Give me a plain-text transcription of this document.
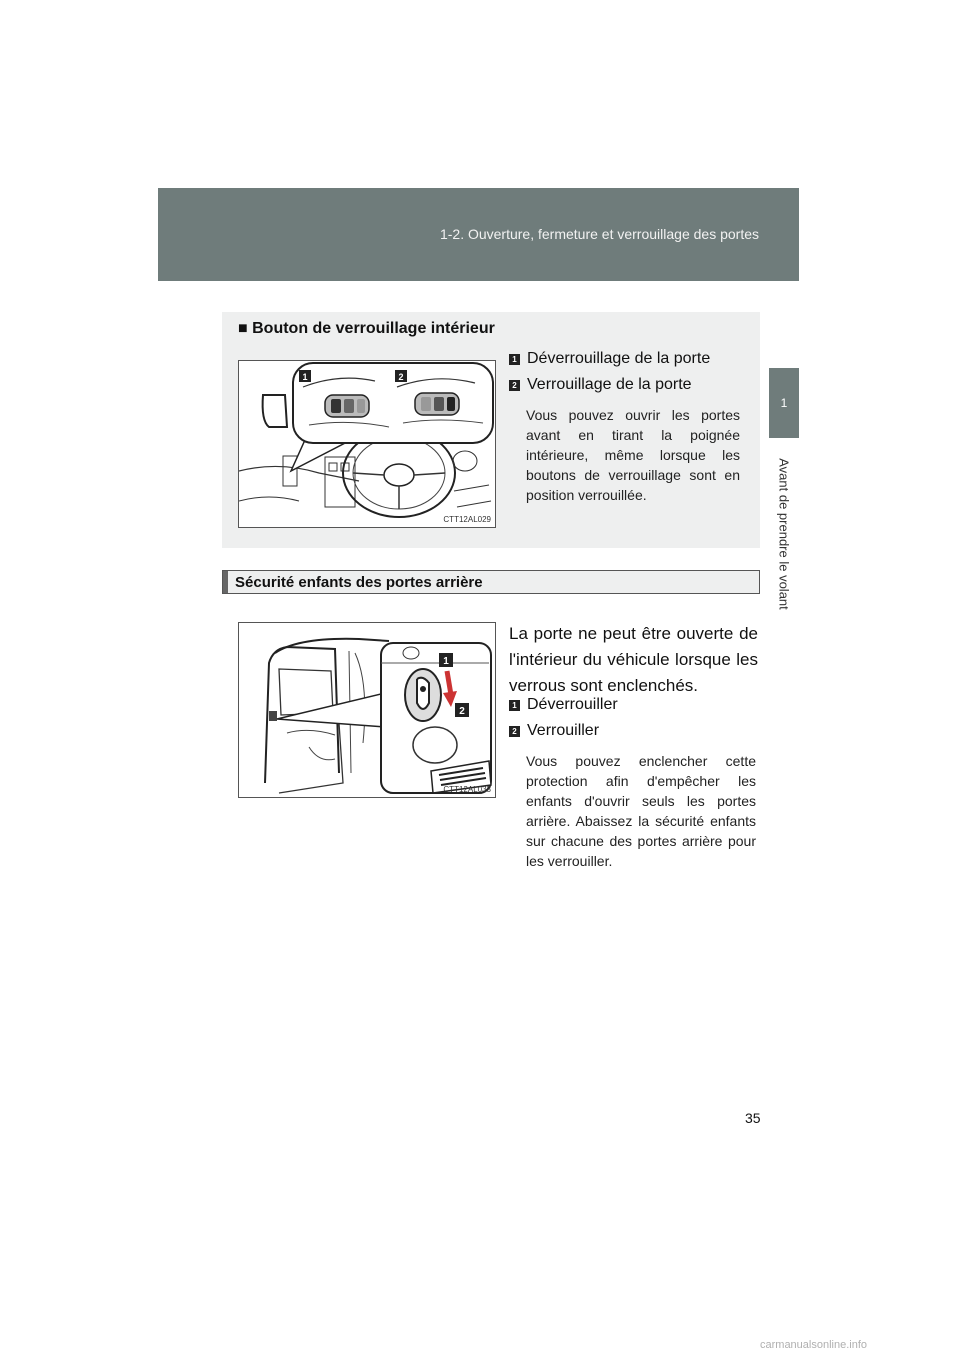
1-2. Ouverture, fermeture et verrouillage des portes
1
Avant de prendre le volant
■ Bouton de verrouillage intérieur
1	2
CTT12AL029
1 Déverrouillage de la porte
2 Verrouillage de la porte
Vous pouvez ouvrir les portes avant en tirant la poignée intérieure, même lorsque les boutons de verrouillage sont en position verrouillée.
Sécurité enfants des portes arrière
1
2
CTT12AL033
La porte ne peut être ouverte de l'intérieur du véhicule lorsque les verrous sont enclenchés.
1 Déverrouiller
2 Verrouiller
Vous pouvez enclencher cette protection afin d'empêcher les enfants d'ouvrir seuls les portes arrière. Abaissez la sécurité enfants sur chacune des portes arrière pour les verrouiller.
35
carmanualsonline.info
